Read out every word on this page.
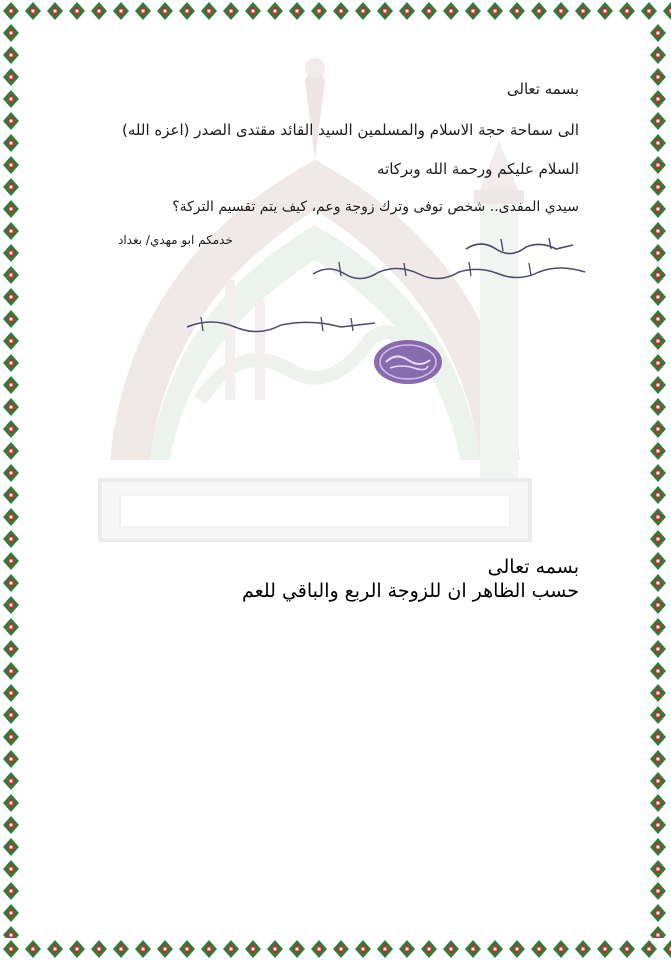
بسمه تعالى
الى سماحة حجة الاسلام والمسلمين السيد القائد مقتدى الصدر (اعزه الله)
السلام عليكم ورحمة الله وبركاته
سيدي المفدى.. شخص توفى وترك زوجة وعم، كيف يتم تقسيم التركة؟
خدمكم ابو مهدي/ بغداد
بسمه تعالى
حسب الظاهر ان للزوجة الربع والباقي للعم
